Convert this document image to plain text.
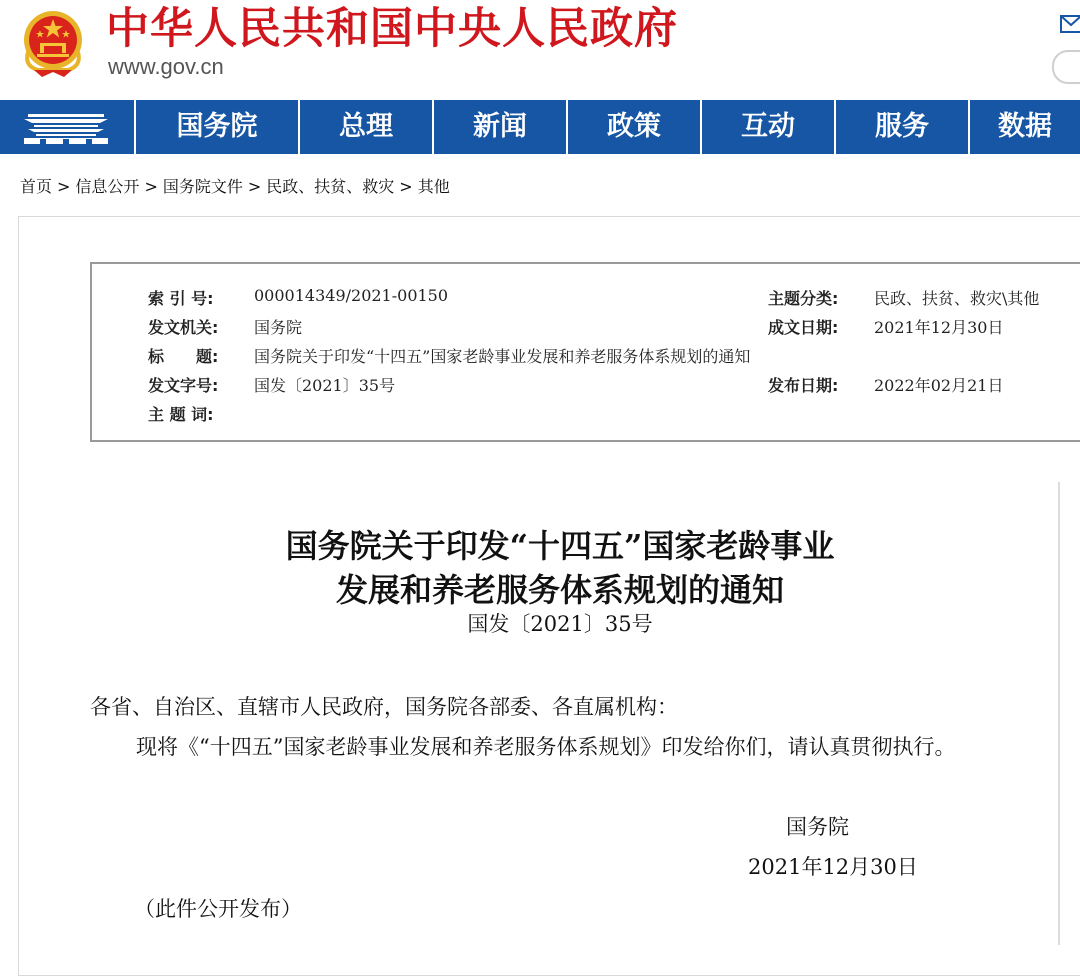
中华人民共和国中央人民政府
www.gov.cn
国务院	总理	新闻	政策	互动	服务	数据
首页 > 信息公开 > 国务院文件 > 民政、扶贫、救灾 > 其他
索 引 号:	000014349/2021-00150	主题分类: 民政、扶贫、救灾\其他
发文机关: 国务院	成文日期: 2021年12月30日
标　　题: 国务院关于印发“十四五”国家老龄事业发展和养老服务体系规划的通知
发文字号: 国发〔2021〕35号	发布日期: 2022年02月21日
主 题 词:
国务院关于印发“十四五”国家老龄事业
发展和养老服务体系规划的通知
国发〔2021〕35号

各省、自治区、直辖市人民政府，国务院各部委、各直属机构：

现将《“十四五”国家老龄事业发展和养老服务体系规划》印发给你们，请认真贯彻执行。

国务院

2021年12月30日

（此件公开发布）
